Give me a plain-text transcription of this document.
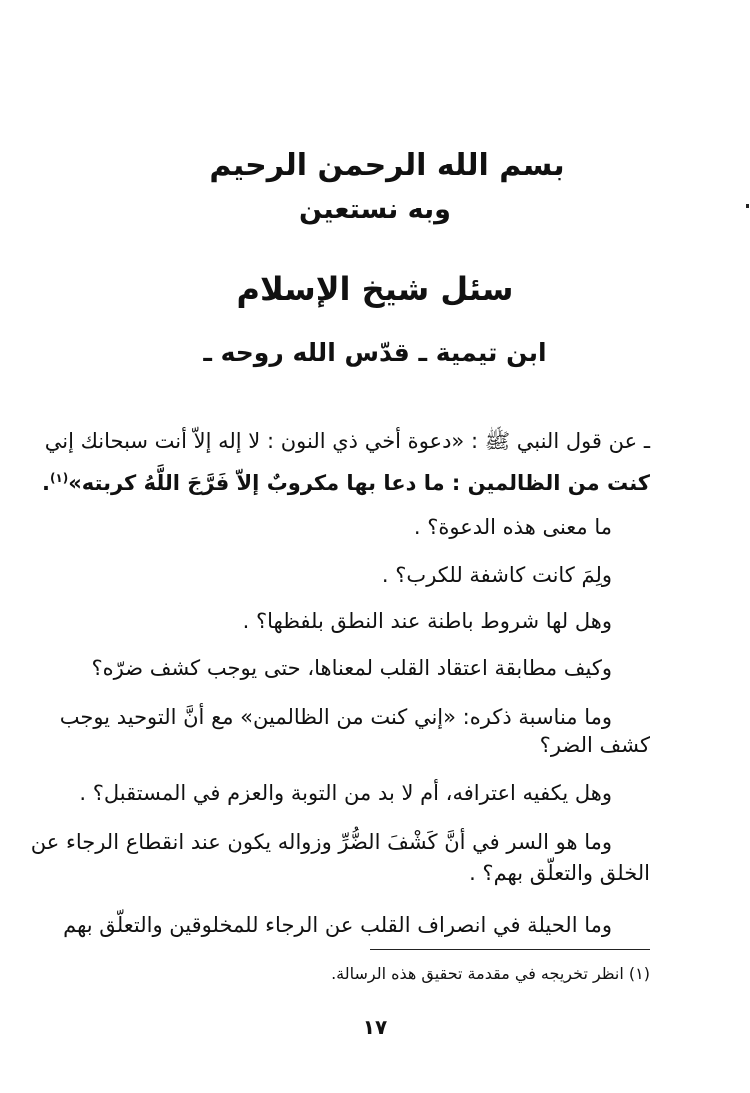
بسم الله الرحمن الرحيم
وبه نستعين
سئل شيخ الإسلام
ابن تيمية ـ قدّس الله روحه ـ
ـ عن قول النبي ﷺ : «دعوة أخي ذي النون : لا إله إلاّ أنت سبحانك إني
كنت من الظالمين : ما دعا بها مكروبٌ إلاّ فَرَّجَ اللَّهُ كربته»$^{(١)}$.
ما معنى هذه الدعوة؟ .
ولِمَ كانت كاشفة للكرب؟ .
وهل لها شروط باطنة عند النطق بلفظها؟ .
وكيف مطابقة اعتقاد القلب لمعناها، حتى يوجب كشف ضرّه؟
وما مناسبة ذكره: «إني كنت من الظالمين» مع أنَّ التوحيد يوجب
كشف الضر؟
وهل يكفيه اعترافه، أم لا بد من التوبة والعزم في المستقبل؟ .
وما هو السر في أنَّ كَشْفَ الضُّرِّ وزواله يكون عند انقطاع الرجاء عن
الخلق والتعلّق بهم؟ .
وما الحيلة في انصراف القلب عن الرجاء للمخلوقين والتعلّق بهم
(١) انظر تخريجه في مقدمة تحقيق هذه الرسالة.
١٧
